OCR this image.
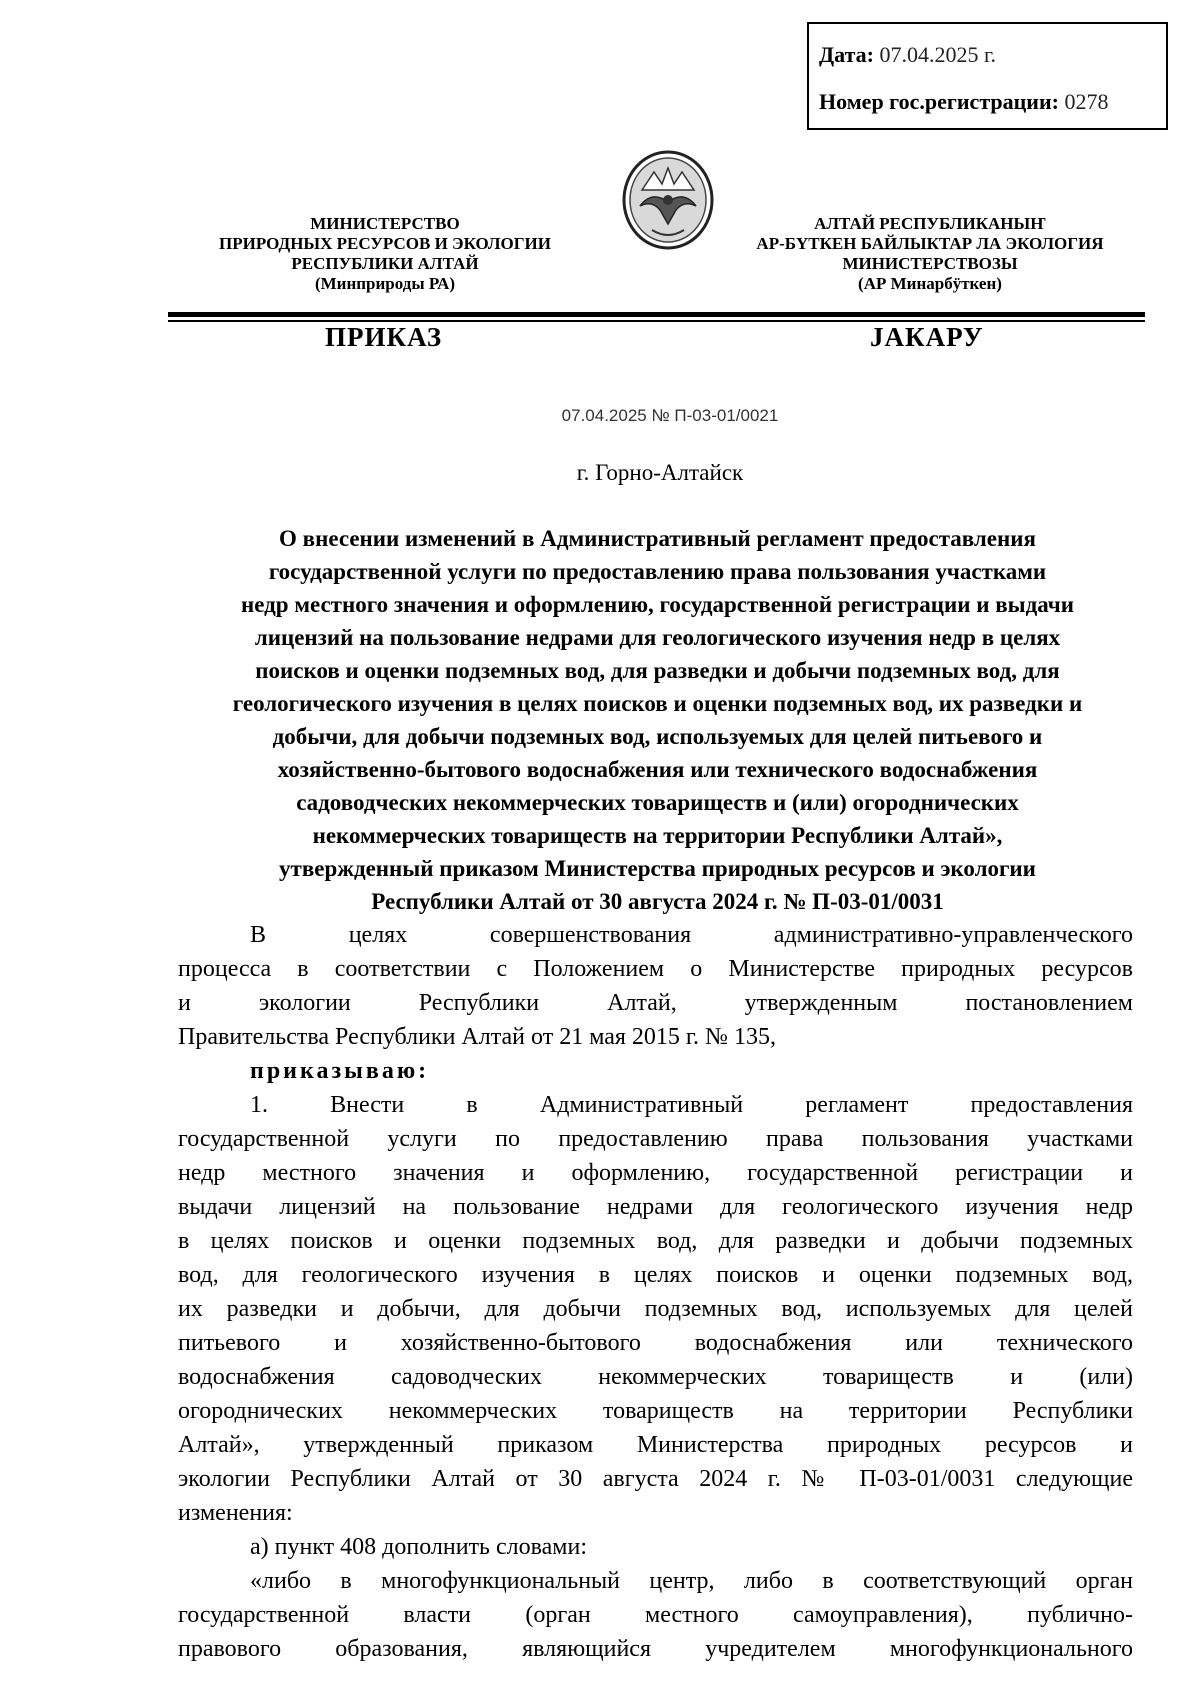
Дата: 07.04.2025 г.
Номер гос.регистрации: 0278
МИНИСТЕРСТВО
ПРИРОДНЫХ РЕСУРСОВ И ЭКОЛОГИИ
РЕСПУБЛИКИ АЛТАЙ
(Минприроды РА)
АЛТАЙ РЕСПУБЛИКАНЫҤ
АР-БҮТКЕН БАЙЛЫКТАР ЛА ЭКОЛОГИЯ
МИНИСТЕРСТВОЗЫ
(АР Минарбӱткен)
ПРИКАЗ	JАКАРУ
07.04.2025 № П-03-01/0021
г. Горно-Алтайск
О внесении изменений в Административный регламент предоставления
государственной услуги по предоставлению права пользования участками
недр местного значения и оформлению, государственной регистрации и выдачи
лицензий на пользование недрами для геологического изучения недр в целях
поисков и оценки подземных вод, для разведки и добычи подземных вод, для
геологического изучения в целях поисков и оценки подземных вод, их разведки и
добычи, для добычи подземных вод, используемых для целей питьевого и
хозяйственно-бытового водоснабжения или технического водоснабжения
садоводческих некоммерческих товариществ и (или) огороднических
некоммерческих товариществ на территории Республики Алтай»,
утвержденный приказом Министерства природных ресурсов и экологии
Республики Алтай от 30 августа 2024 г. № П-03-01/0031
В целях совершенствования административно-управленческого
процесса в соответствии с Положением о Министерстве природных ресурсов
и экологии Республики Алтай, утвержденным постановлением
Правительства Республики Алтай от 21 мая 2015 г. № 135,
приказываю:
1. Внести в Административный регламент предоставления
государственной услуги по предоставлению права пользования участками
недр местного значения и оформлению, государственной регистрации и
выдачи лицензий на пользование недрами для геологического изучения недр
в целях поисков и оценки подземных вод, для разведки и добычи подземных
вод, для геологического изучения в целях поисков и оценки подземных вод,
их разведки и добычи, для добычи подземных вод, используемых для целей
питьевого и хозяйственно-бытового водоснабжения или технического
водоснабжения садоводческих некоммерческих товариществ и (или)
огороднических некоммерческих товариществ на территории Республики
Алтай», утвержденный приказом Министерства природных ресурсов и
экологии Республики Алтай от 30 августа 2024 г. № П-03-01/0031 следующие
изменения:
а) пункт 408 дополнить словами:
«либо в многофункциональный центр, либо в соответствующий орган
государственной власти (орган местного самоуправления), публично-
правового образования, являющийся учредителем многофункционального
